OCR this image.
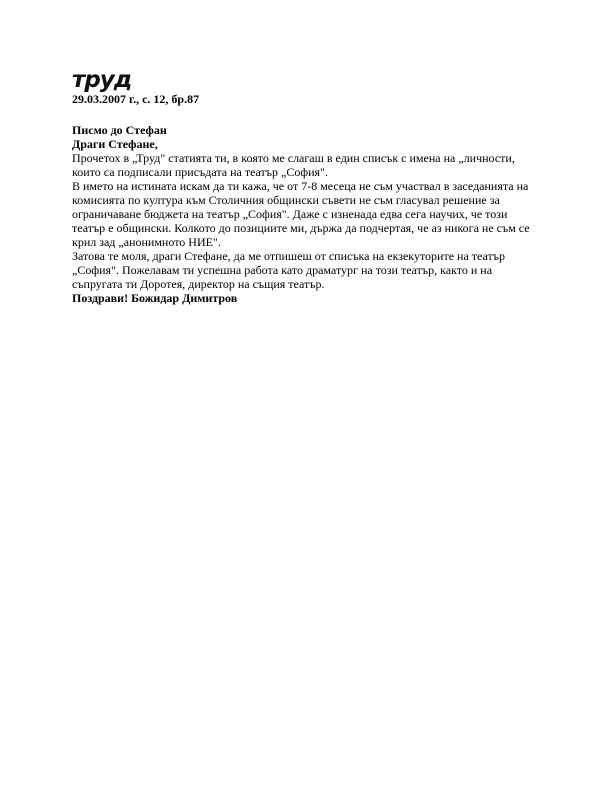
труд
29.03.2007 г., с. 12, бр.87
Писмо до Стефан
Драги Стефане,
Прочетох в „Труд" статията ти, в която ме слагаш в един списък с имена на „личности, които са подписали присъдата на театър „София".
В името на истината искам да ти кажа, че от 7-8 месеца не съм участвал в заседанията на комисията по култура към Столичния общински съвети не съм гласувал решение за ограничаване бюджета на театър „София". Даже с изненада едва сега научих, че този театър е общински. Колкото до позициите ми, държа да подчертая, че аз никога не съм се крил зад „анонимното НИЕ".
Затова те моля, драги Стефане, да ме отпишеш от списъка на екзекуторите на театър „София". Пожелавам ти успешна работа като драматург на този театър, както и на съпругата ти Доротея, директор на същия театър.
Поздрави! Божидар Димитров
